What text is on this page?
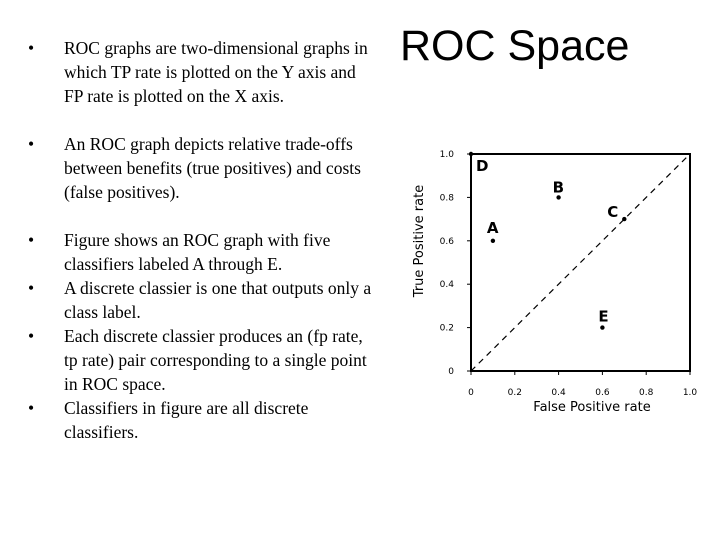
• ROC graphs are two-dimensional graphs in which TP rate is plotted on the Y axis and FP rate is plotted on the X axis.
• An ROC graph depicts relative trade-offs between benefits (true positives) and costs (false positives).
• Figure shows an ROC graph with five classifiers labeled A through E.
• A discrete classier is one that outputs only a class label.
• Each discrete classier produces an (fp rate, tp rate) pair corresponding to a single point in ROC space.
• Classifiers in figure are all discrete classifiers.
ROC Space
0	0.2	0.4	0.6	0.8	1.0
0
0.2
0.4
0.6
0.8
1.0
False Positive rate
True Positive rate	A
B
C
D
E
